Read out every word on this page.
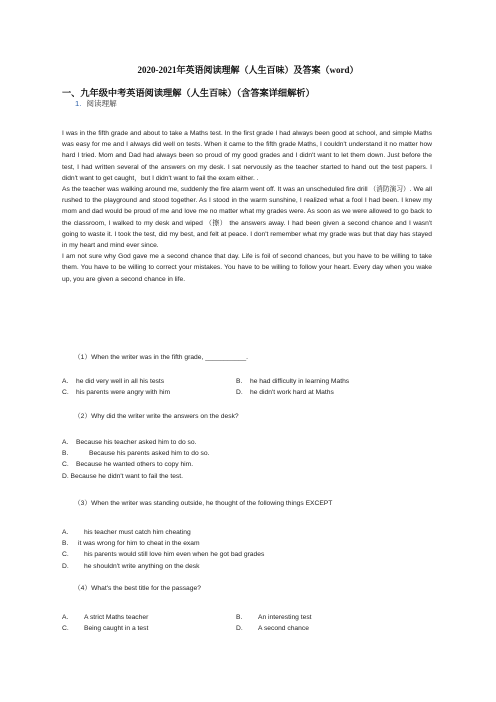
2020-2021年英语阅读理解（人生百味）及答案（word）
一、九年级中考英语阅读理解（人生百味）（含答案详细解析）
1. 阅读理解

I was in the fifth grade and about to take a Maths test. In the first grade I had always been good at school, and simple Maths was easy for me and I always did well on tests. When it came to the fifth grade Maths, I couldn't understand it no matter how hard I tried. Mom and Dad had always been so proud of my good grades and I didn't want to let them down. Just before the test, I had written several of the answers on my desk. I sat nervously as the teacher started to hand out the test papers. I didn't want to get caught，but I didn't want to fail the exam either. .

As the teacher was walking around me, suddenly the fire alarm went off. It was an unscheduled fire drill （消防演习）. We all rushed to the playground and stood together. As I stood in the warm sunshine, I realized what a fool I had been. I knew my mom and dad would be proud of me and love me no matter what my grades were. As soon as we were allowed to go back to the classroom, I walked to my desk and wiped （擦） the answers away. I had been given a second chance and I wasn't going to waste it. I took the test, did my best, and felt at peace. I don't remember what my grade was but that day has stayed in my heart and mind ever since.

I am not sure why God gave me a second chance that day. Life is foil of second chances, but you have to be willing to take them. You have to be willing to correct your mistakes. You have to be willing to follow your heart. Every day when you wake up, you are given a second chance in life.

（1）When the writer was in the fifth grade, ___________.
A. he did very well in all his tests	B. he had difficulty in learning Maths
C. his parents were angry with him	D. he didn't work hard at Maths
（2）Why did the writer write the answers on the desk?
A. Because his teacher asked him to do so.
B.	Because his parents asked him to do so.
C. Because he wanted others to copy him.
D. Because he didn't want to fail the test.
（3）When the writer was standing outside, he thought of the following things EXCEPT
A. his teacher must catch him cheating
B. it was wrong for him to cheat in the exam
C. his parents would still love him even when he got bad grades
D. he shouldn't write anything on the desk
（4）What's the best title for the passage?
A. A strict Maths teacher	B. An interesting test
C. Being caught in a test	D. A second chance
